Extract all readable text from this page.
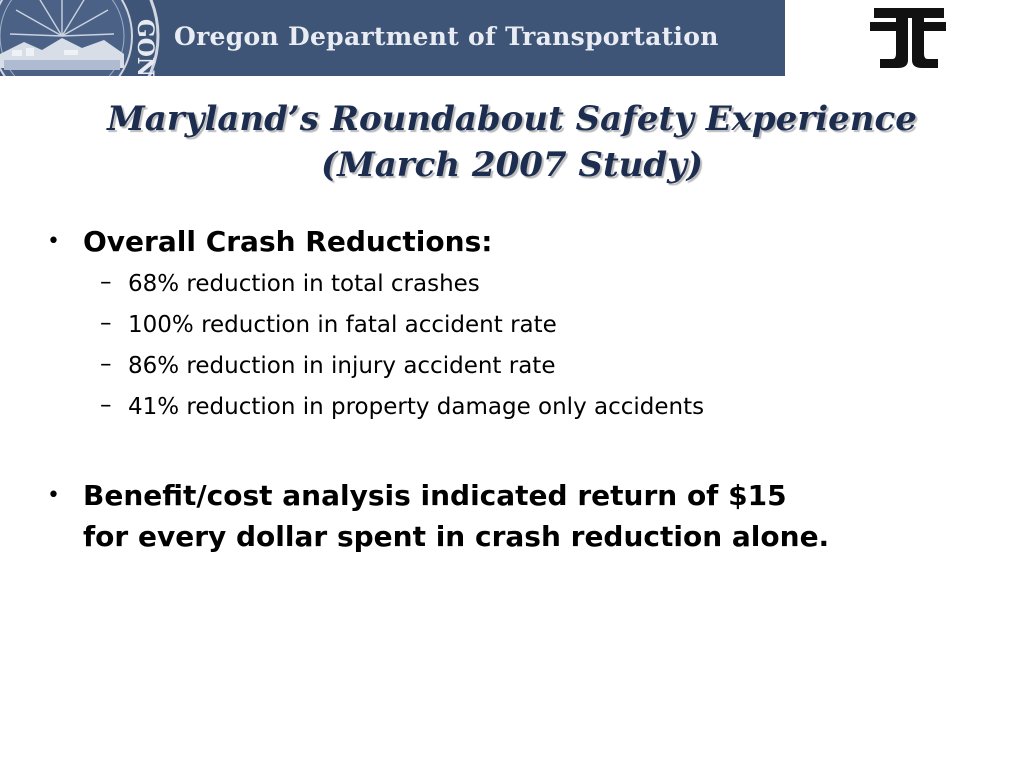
GON Oregon Department of Transportation
Maryland’s Roundabout Safety Experience
(March 2007 Study)
• Overall Crash Reductions:
– 68% reduction in total crashes
– 100% reduction in fatal accident rate
– 86% reduction in injury accident rate
– 41% reduction in property damage only accidents
• Benefit/cost analysis indicated return of $15
for every dollar spent in crash reduction alone.
